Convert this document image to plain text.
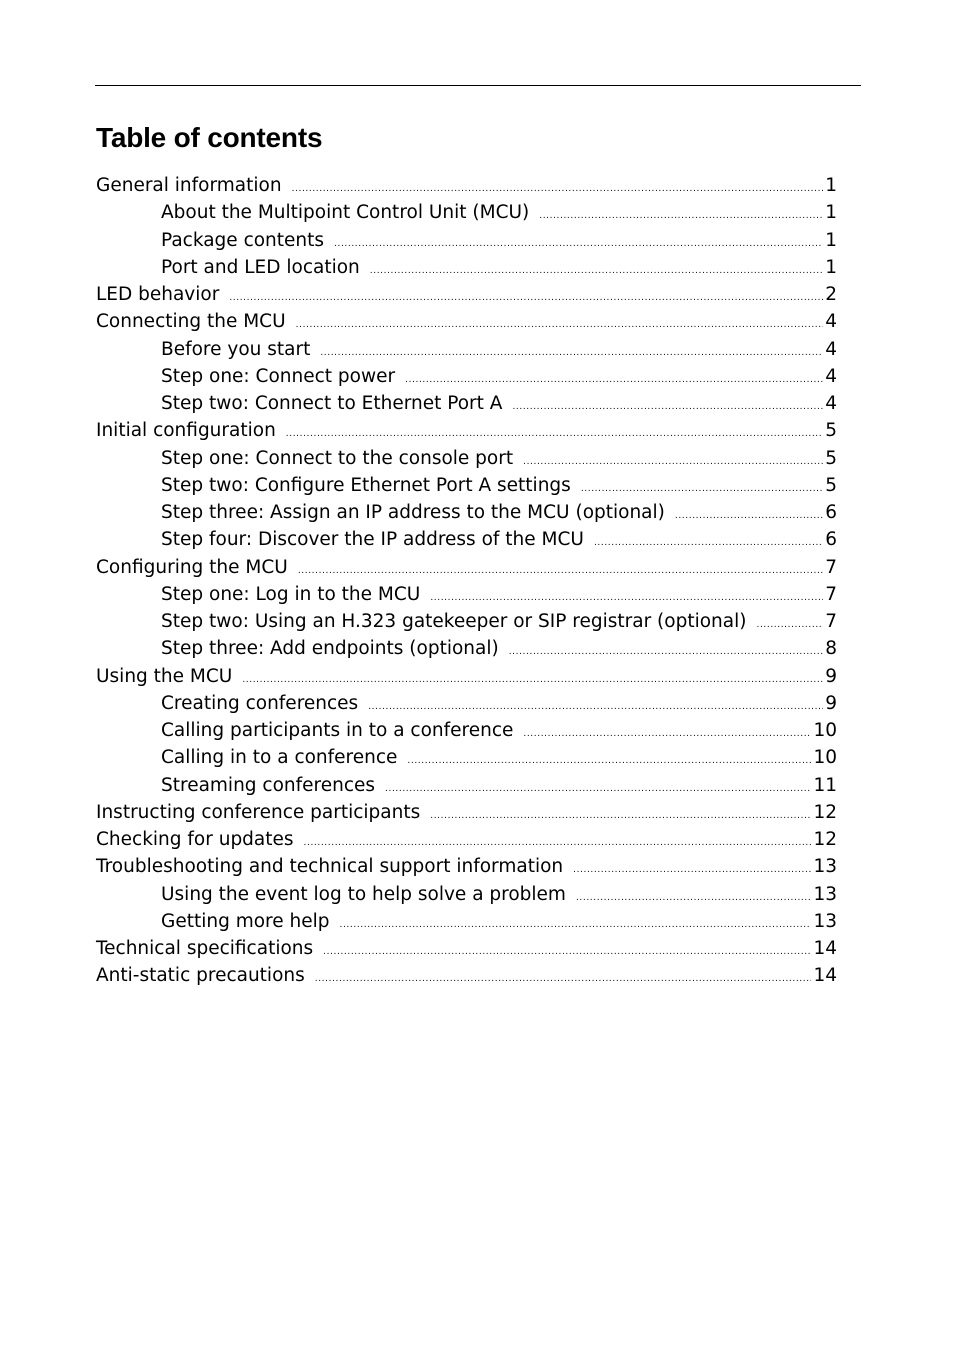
Table of contents
General information .....	1
About the Multipoint Control Unit (MCU) .....	1
Package contents .....	1
Port and LED location .....	1
LED behavior .....	2
Connecting the MCU .....	4
Before you start .....	4
Step one: Connect power .....	4
Step two: Connect to Ethernet Port A .....	4
Initial configuration .....	5
Step one: Connect to the console port .....	5
Step two: Configure Ethernet Port A settings .....	5
Step three: Assign an IP address to the MCU (optional) .....	6
Step four: Discover the IP address of the MCU .....	6
Configuring the MCU .....	7
Step one: Log in to the MCU .....	7
Step two: Using an H.323 gatekeeper or SIP registrar (optional) .....	7
Step three: Add endpoints (optional) .....	8
Using the MCU .....	9
Creating conferences .....	9
Calling participants in to a conference .....	10
Calling in to a conference .....	10
Streaming conferences .....	11
Instructing conference participants .....	12
Checking for updates .....	12
Troubleshooting and technical support information .....	13
Using the event log to help solve a problem .....	13
Getting more help .....	13
Technical specifications .....	14
Anti-static precautions .....	14
